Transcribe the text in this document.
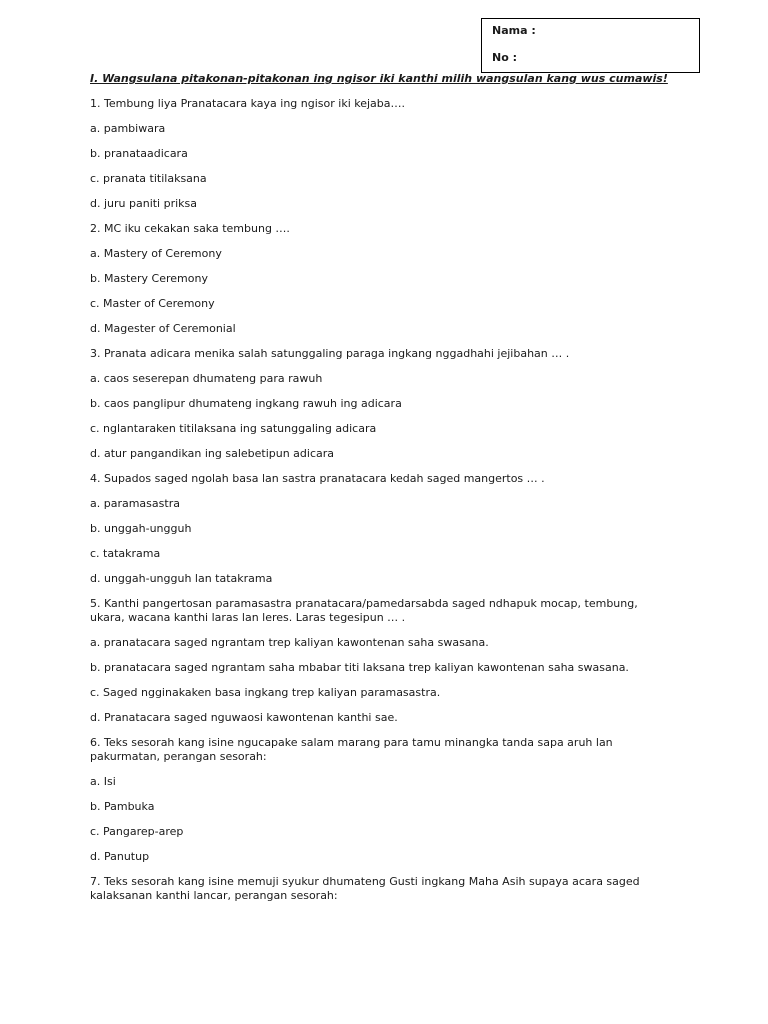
Nama :
No :
I. Wangsulana pitakonan-pitakonan ing ngisor iki kanthi milih wangsulan kang wus cumawis!
1. Tembung liya Pranatacara kaya ing ngisor iki kejaba….
a. pambiwara
b. pranataadicara
c. pranata titilaksana
d. juru paniti priksa
2. MC iku cekakan saka tembung ….
a. Mastery of Ceremony
b. Mastery Ceremony
c. Master of Ceremony
d. Magester of Ceremonial
3. Pranata adicara menika salah satunggaling paraga ingkang nggadhahi jejibahan … .
a. caos seserepan dhumateng para rawuh
b. caos panglipur dhumateng ingkang rawuh ing adicara
c. nglantaraken titilaksana ing satunggaling adicara
d. atur pangandikan ing salebetipun adicara
4. Supados saged ngolah basa lan sastra pranatacara kedah saged mangertos … .
a. paramasastra
b. unggah-ungguh
c. tatakrama
d. unggah-ungguh lan tatakrama
5. Kanthi pangertosan paramasastra pranatacara/pamedarsabda saged ndhapuk mocap, tembung, ukara, wacana kanthi laras lan leres. Laras tegesipun … .
a. pranatacara saged ngrantam trep kaliyan kawontenan saha swasana.
b. pranatacara saged ngrantam saha mbabar titi laksana trep kaliyan kawontenan saha swasana.
c. Saged ngginakaken basa ingkang trep kaliyan paramasastra.
d. Pranatacara saged nguwaosi kawontenan kanthi sae.
6. Teks sesorah kang isine ngucapake salam marang para tamu minangka tanda sapa aruh lan pakurmatan, perangan sesorah:
a. Isi
b. Pambuka
c. Pangarep-arep
d. Panutup
7. Teks sesorah kang isine memuji syukur dhumateng Gusti ingkang Maha Asih supaya acara saged kalaksanan kanthi lancar, perangan sesorah:
